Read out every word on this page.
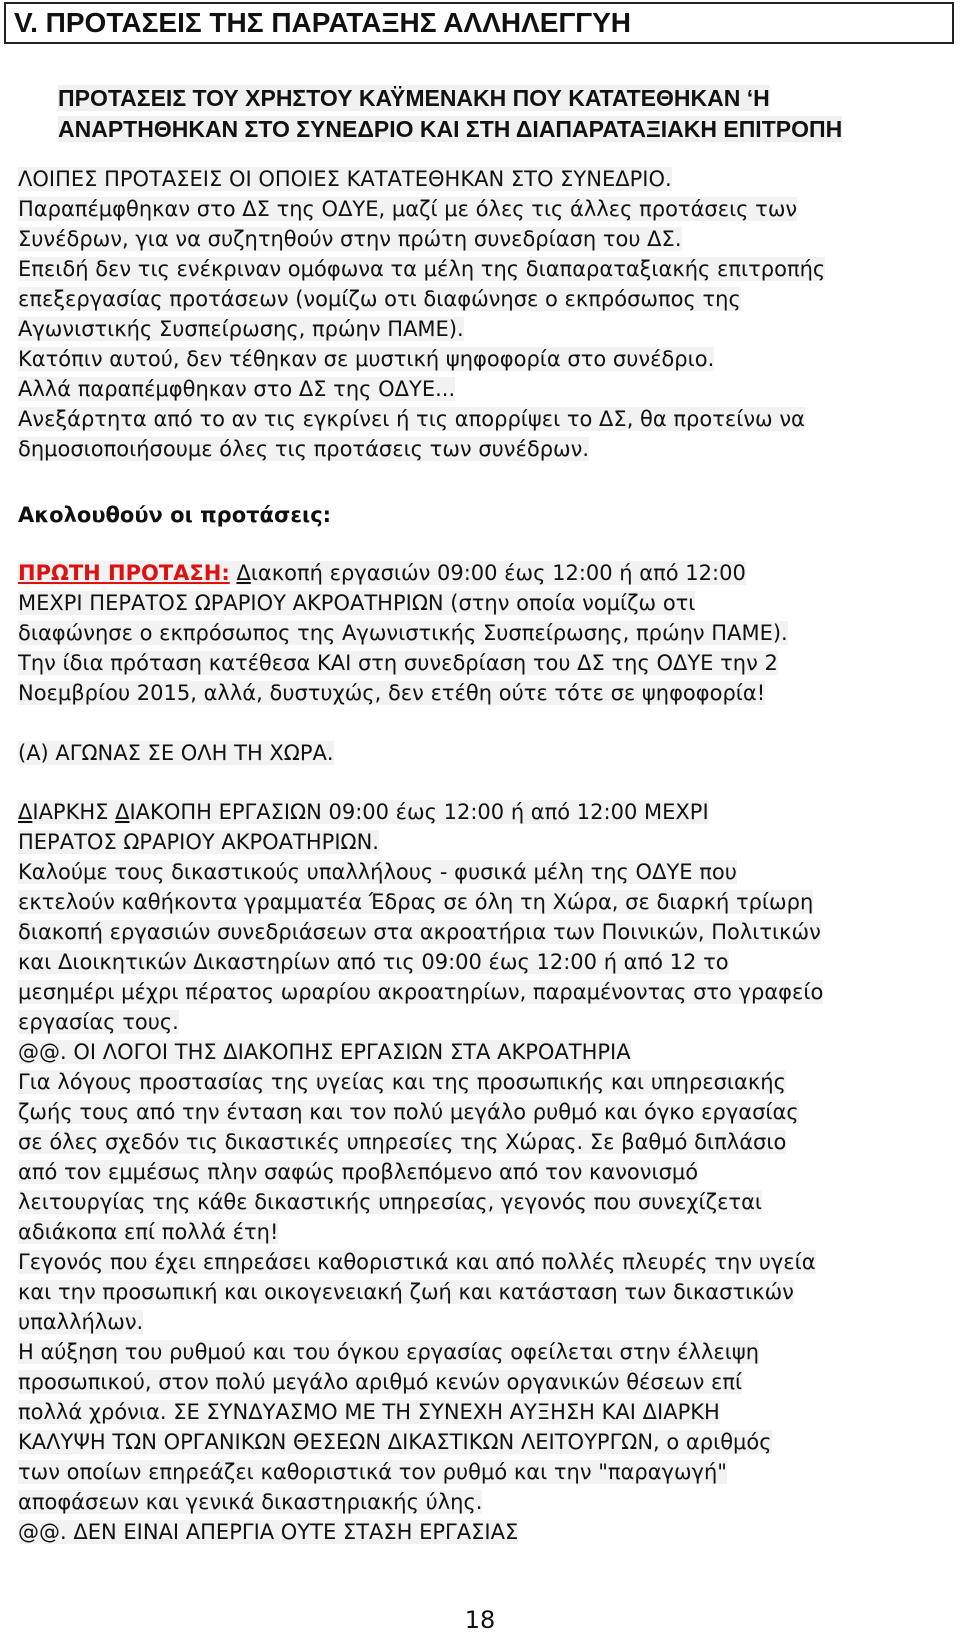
V. ΠΡΟΤΑΣΕΙΣ ΤΗΣ ΠΑΡΑΤΑΞΗΣ ΑΛΛΗΛΕΓΓΥΗ
ΠΡΟΤΑΣΕΙΣ ΤΟΥ ΧΡΗΣΤΟΥ ΚΑΫΜΕΝΑΚΗ ΠΟΥ ΚΑΤΑΤΕΘΗΚΑΝ ‘Η
ΑΝΑΡΤΗΘΗΚΑΝ ΣΤΟ ΣΥΝΕΔΡΙΟ ΚΑΙ ΣΤΗ ΔΙΑΠΑΡΑΤΑΞΙΑΚΗ ΕΠΙΤΡΟΠΗ
ΛΟΙΠΕΣ ΠΡΟΤΑΣΕΙΣ ΟΙ ΟΠΟΙΕΣ ΚΑΤΑΤΕΘΗΚΑΝ ΣΤΟ ΣΥΝΕΔΡΙΟ.
Παραπέμφθηκαν στο ΔΣ της ΟΔΥΕ, μαζί με όλες τις άλλες προτάσεις των
Συνέδρων, για να συζητηθούν στην πρώτη συνεδρίαση του ΔΣ.
Επειδή δεν τις ενέκριναν ομόφωνα τα μέλη της διαπαραταξιακής επιτροπής
επεξεργασίας προτάσεων (νομίζω οτι διαφώνησε ο εκπρόσωπος της
Αγωνιστικής Συσπείρωσης, πρώην ΠΑΜΕ).
Κατόπιν αυτού, δεν τέθηκαν σε μυστική ψηφοφορία στο συνέδριο.
Αλλά παραπέμφθηκαν στο ΔΣ της ΟΔΥΕ...
Ανεξάρτητα από το αν τις εγκρίνει ή τις απορρίψει το ΔΣ, θα προτείνω να
δημοσιοποιήσουμε όλες τις προτάσεις των συνέδρων.
Ακολουθούν οι προτάσεις:
ΠΡΩΤΗ ΠΡΟΤΑΣΗ: Διακοπή εργασιών 09:00 έως 12:00 ή από 12:00
ΜΕΧΡΙ ΠΕΡΑΤΟΣ ΩΡΑΡΙΟΥ ΑΚΡΟΑΤΗΡΙΩΝ (στην οποία νομίζω οτι
διαφώνησε ο εκπρόσωπος της Αγωνιστικής Συσπείρωσης, πρώην ΠΑΜΕ).
Την ίδια πρόταση κατέθεσα ΚΑΙ στη συνεδρίαση του ΔΣ της ΟΔΥΕ την 2
Νοεμβρίου 2015, αλλά, δυστυχώς, δεν ετέθη ούτε τότε σε ψηφοφορία!
(Α) ΑΓΩΝΑΣ ΣΕ ΟΛΗ ΤΗ ΧΩΡΑ.
ΔΙΑΡΚΗΣ ΔΙΑΚΟΠΗ ΕΡΓΑΣΙΩΝ 09:00 έως 12:00 ή από 12:00 ΜΕΧΡΙ
ΠΕΡΑΤΟΣ ΩΡΑΡΙΟΥ ΑΚΡΟΑΤΗΡΙΩΝ.
Καλούμε τους δικαστικούς υπαλλήλους - φυσικά μέλη της ΟΔΥΕ που
εκτελούν καθήκοντα γραμματέα Έδρας σε όλη τη Χώρα, σε διαρκή τρίωρη
διακοπή εργασιών συνεδριάσεων στα ακροατήρια των Ποινικών, Πολιτικών
και Διοικητικών Δικαστηρίων από τις 09:00 έως 12:00 ή από 12 το
μεσημέρι μέχρι πέρατος ωραρίου ακροατηρίων, παραμένοντας στο γραφείο
εργασίας τους.
@@. ΟΙ ΛΟΓΟΙ ΤΗΣ ΔΙΑΚΟΠΗΣ ΕΡΓΑΣΙΩΝ ΣΤΑ ΑΚΡΟΑΤΗΡΙΑ
Για λόγους προστασίας της υγείας και της προσωπικής και υπηρεσιακής
ζωής τους από την ένταση και τον πολύ μεγάλο ρυθμό και όγκο εργασίας
σε όλες σχεδόν τις δικαστικές υπηρεσίες της Χώρας. Σε βαθμό διπλάσιο
από τον εμμέσως πλην σαφώς προβλεπόμενο από τον κανονισμό
λειτουργίας της κάθε δικαστικής υπηρεσίας, γεγονός που συνεχίζεται
αδιάκοπα επί πολλά έτη!
Γεγονός που έχει επηρεάσει καθοριστικά και από πολλές πλευρές την υγεία
και την προσωπική και οικογενειακή ζωή και κατάσταση των δικαστικών
υπαλλήλων.
Η αύξηση του ρυθμού και του όγκου εργασίας οφείλεται στην έλλειψη
προσωπικού, στον πολύ μεγάλο αριθμό κενών οργανικών θέσεων επί
πολλά χρόνια. ΣΕ ΣΥΝΔΥΑΣΜΟ ΜΕ ΤΗ ΣΥΝΕΧΗ ΑΥΞΗΣΗ ΚΑΙ ΔΙΑΡΚΗ
ΚΑΛΥΨΗ ΤΩΝ ΟΡΓΑΝΙΚΩΝ ΘΕΣΕΩΝ ΔΙΚΑΣΤΙΚΩΝ ΛΕΙΤΟΥΡΓΩΝ, ο αριθμός
των οποίων επηρεάζει καθοριστικά τον ρυθμό και την "παραγωγή"
αποφάσεων και γενικά δικαστηριακής ύλης.
@@. ΔΕΝ ΕΙΝΑΙ ΑΠΕΡΓΙΑ ΟΥΤΕ ΣΤΑΣΗ ΕΡΓΑΣΙΑΣ
18
